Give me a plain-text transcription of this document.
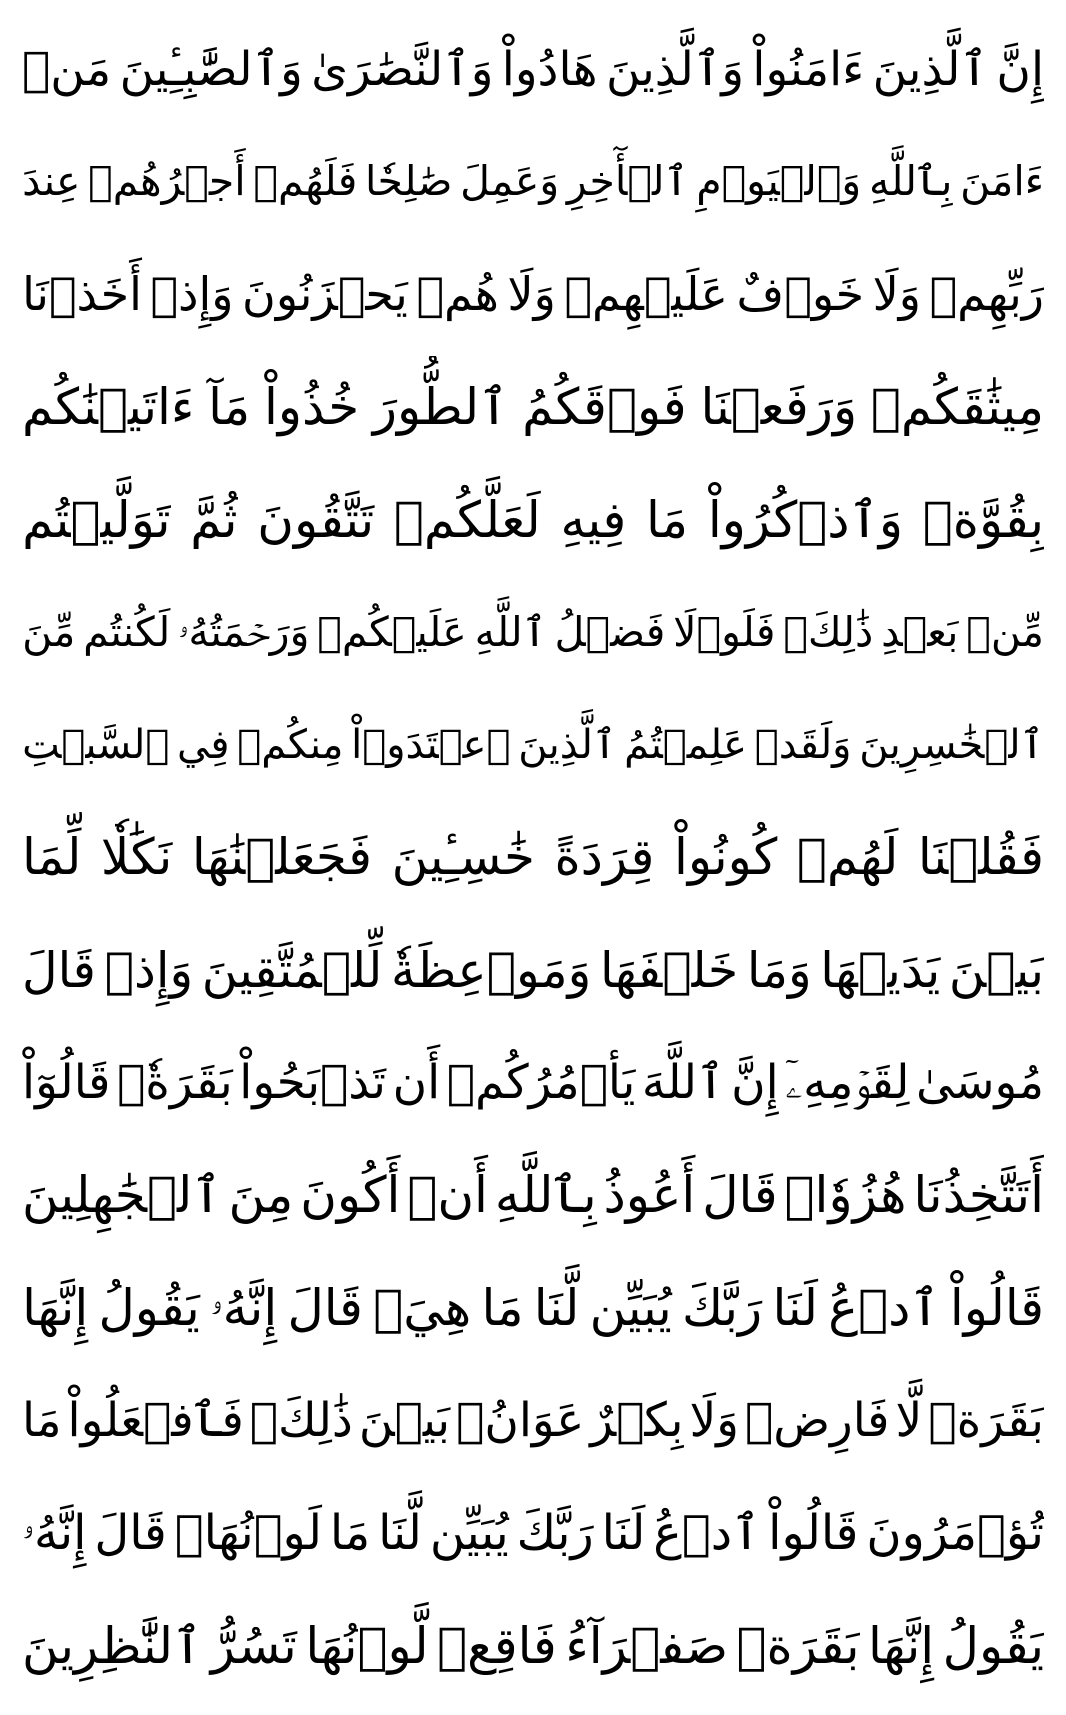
إِنَّ
ٱلَّذِينَ
ءَامَنُواْ
وَٱلَّذِينَ
هَادُواْ
وَٱلنَّصَٰرَىٰ
وَٱلصَّٰبِـِٔينَ
مَنۡ
ءَامَنَ
بِٱللَّهِ
وَٱلۡيَوۡمِ
ٱلۡأٓخِرِ
وَعَمِلَ
صَٰلِحٗا
فَلَهُمۡ
أَجۡرُهُمۡ
عِندَ
رَبِّهِمۡ
وَلَا
خَوۡفٌ
عَلَيۡهِمۡ
وَلَا
هُمۡ
يَحۡزَنُونَ
وَإِذۡ
أَخَذۡنَا
مِيثَٰقَكُمۡ
وَرَفَعۡنَا
فَوۡقَكُمُ
ٱلطُّورَ
خُذُواْ
مَآ
ءَاتَيۡنَٰكُم
بِقُوَّةٖ
وَٱذۡكُرُواْ
مَا
فِيهِ
لَعَلَّكُمۡ
تَتَّقُونَ
ثُمَّ
تَوَلَّيۡتُم
مِّنۢ
بَعۡدِ
ذَٰلِكَۖ
فَلَوۡلَا
فَضۡلُ
ٱللَّهِ
عَلَيۡكُمۡ
وَرَحۡمَتُهُۥ
لَكُنتُم
مِّنَ
ٱلۡخَٰسِرِينَ
وَلَقَدۡ
عَلِمۡتُمُ
ٱلَّذِينَ
ٱعۡتَدَوۡاْ
مِنكُمۡ
فِي
ٱلسَّبۡتِ
فَقُلۡنَا
لَهُمۡ
كُونُواْ
قِرَدَةً
خَٰسِـِٔينَ
فَجَعَلۡنَٰهَا
نَكَٰلٗا
لِّمَا
بَيۡنَ
يَدَيۡهَا
وَمَا
خَلۡفَهَا
وَمَوۡعِظَةٗ
لِّلۡمُتَّقِينَ
وَإِذۡ
قَالَ
مُوسَىٰ
لِقَوۡمِهِۦٓ
إِنَّ
ٱللَّهَ
يَأۡمُرُكُمۡ
أَن
تَذۡبَحُواْ
بَقَرَةٗۖ
قَالُوٓاْ
أَتَتَّخِذُنَا
هُزُوٗاۖ
قَالَ
أَعُوذُ
بِٱللَّهِ
أَنۡ
أَكُونَ
مِنَ
ٱلۡجَٰهِلِينَ
قَالُواْ
ٱدۡعُ
لَنَا
رَبَّكَ
يُبَيِّن
لَّنَا
مَا
هِيَۚ
قَالَ
إِنَّهُۥ
يَقُولُ
إِنَّهَا
بَقَرَةٞ
لَّا
فَارِضٞ
وَلَا
بِكۡرٌ
عَوَانُۢ
بَيۡنَ
ذَٰلِكَۖ
فَٱفۡعَلُواْ
مَا
تُؤۡمَرُونَ
قَالُواْ
ٱدۡعُ
لَنَا
رَبَّكَ
يُبَيِّن
لَّنَا
مَا
لَوۡنُهَاۚ
قَالَ
إِنَّهُۥ
يَقُولُ
إِنَّهَا
بَقَرَةٞ
صَفۡرَآءُ
فَاقِعٞ
لَّوۡنُهَا
تَسُرُّ
ٱلنَّٰظِرِينَ
